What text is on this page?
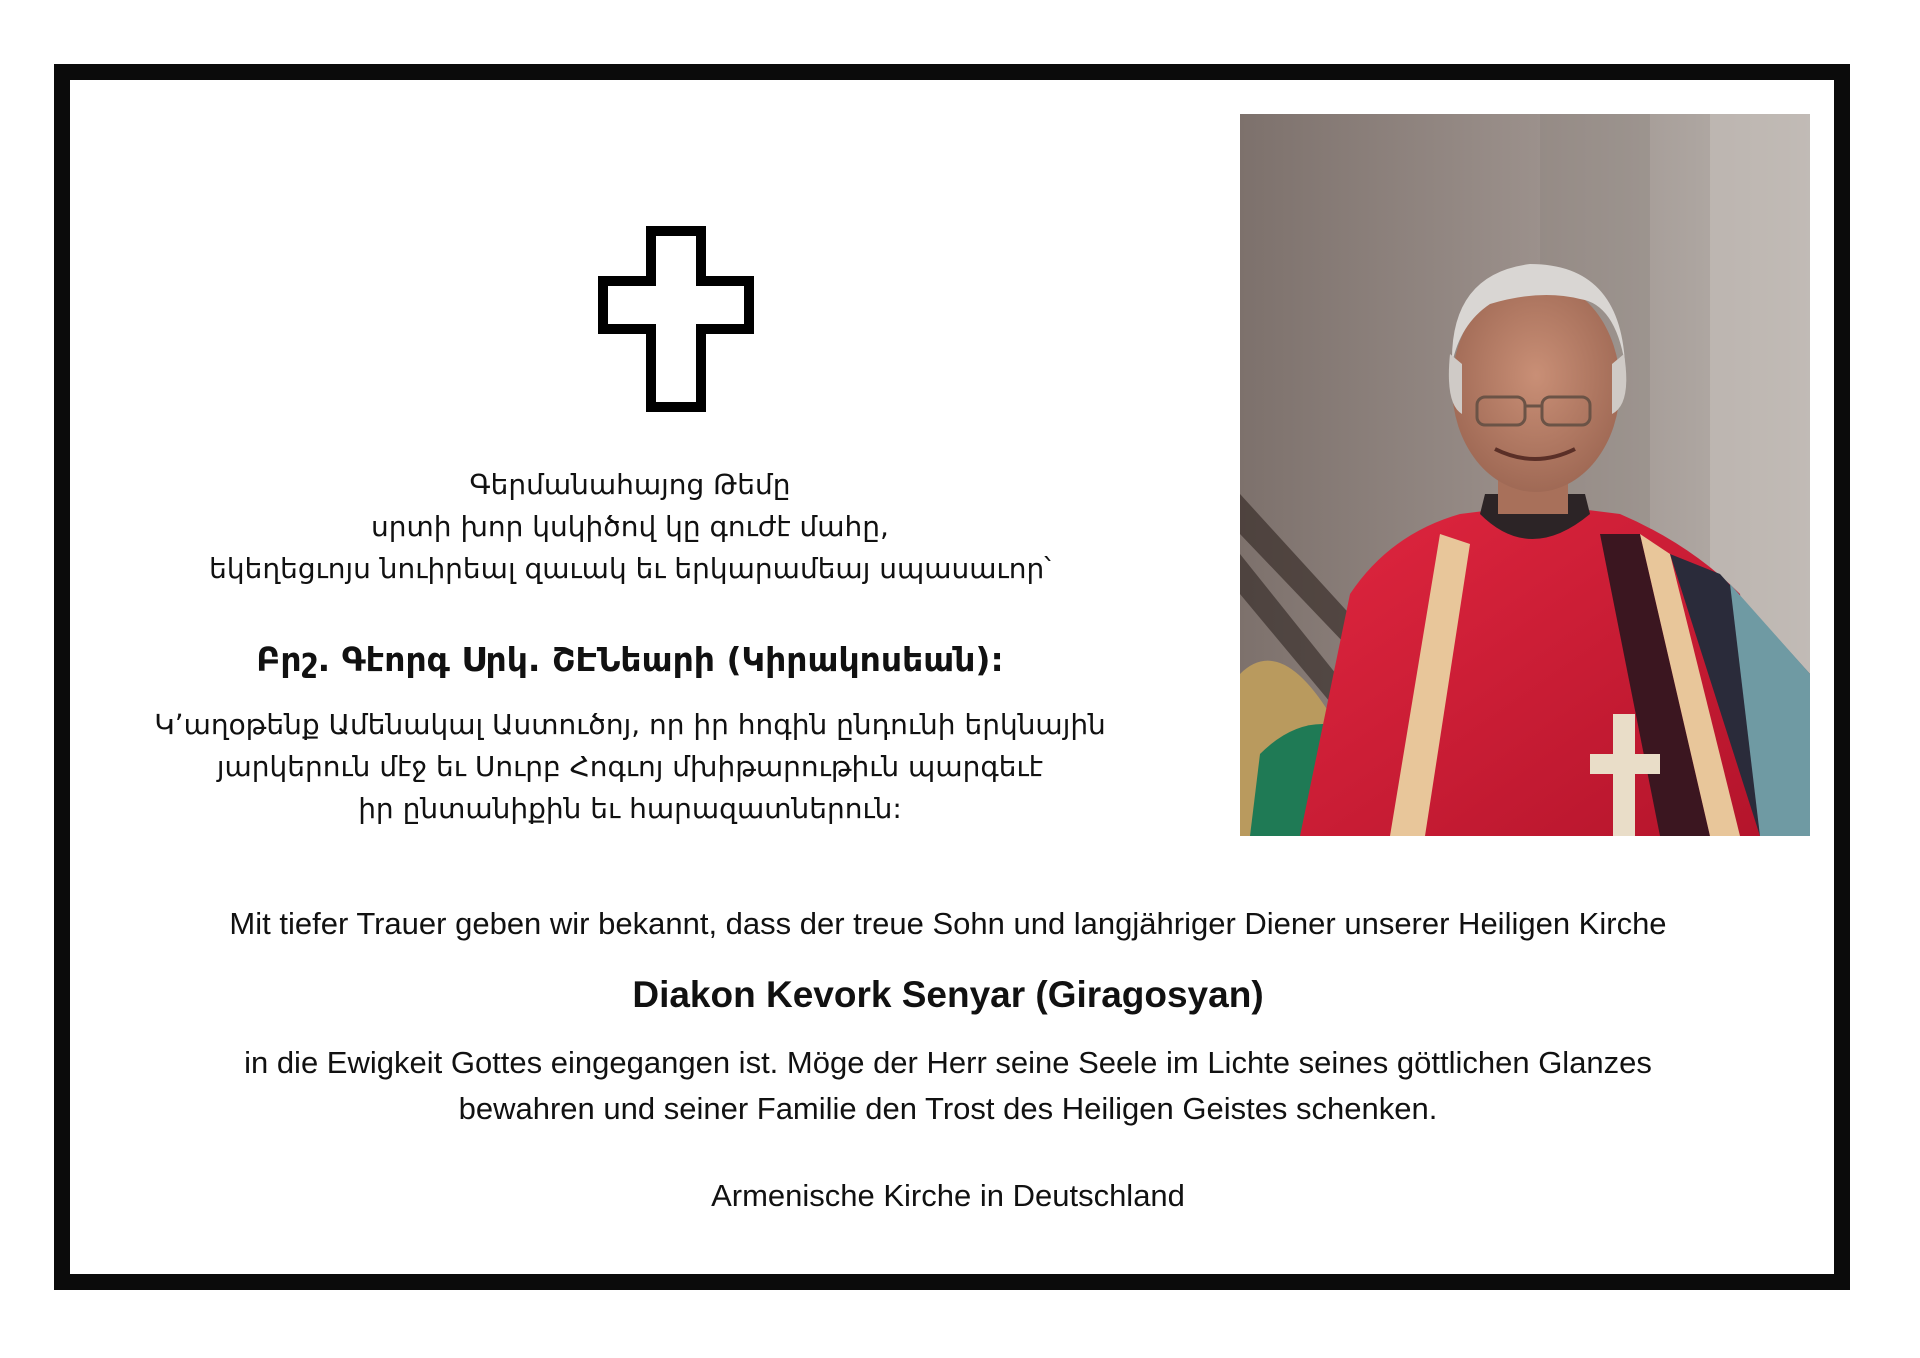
Գերմանահայոց Թեմը
սրտի խոր կսկիծով կը գուժէ մահը,
եկեղեցւոյս նուիրեալ զաւակ եւ երկարամեայ սպասաւոր՝
Բրշ. Գէորգ Սրկ. ՇԷՆեարի (Կիրակոսեան):
Կ՚աղօթենք Ամենակալ Աստուծոյ, որ իր հոգին ընդունի երկնային
յարկերուն մէջ եւ Սուրբ Հոգւոյ մխիթարութիւն պարգեւէ
իր ընտանիքին եւ հարազատներուն:
Mit tiefer Trauer geben wir bekannt, dass der treue Sohn und langjähriger Diener unserer Heiligen Kirche
Diakon Kevork Senyar (Giragosyan)
in die Ewigkeit Gottes eingegangen ist. Möge der Herr seine Seele im Lichte seines göttlichen Glanzes
bewahren und seiner Familie den Trost des Heiligen Geistes schenken.
Armenische Kirche in Deutschland
